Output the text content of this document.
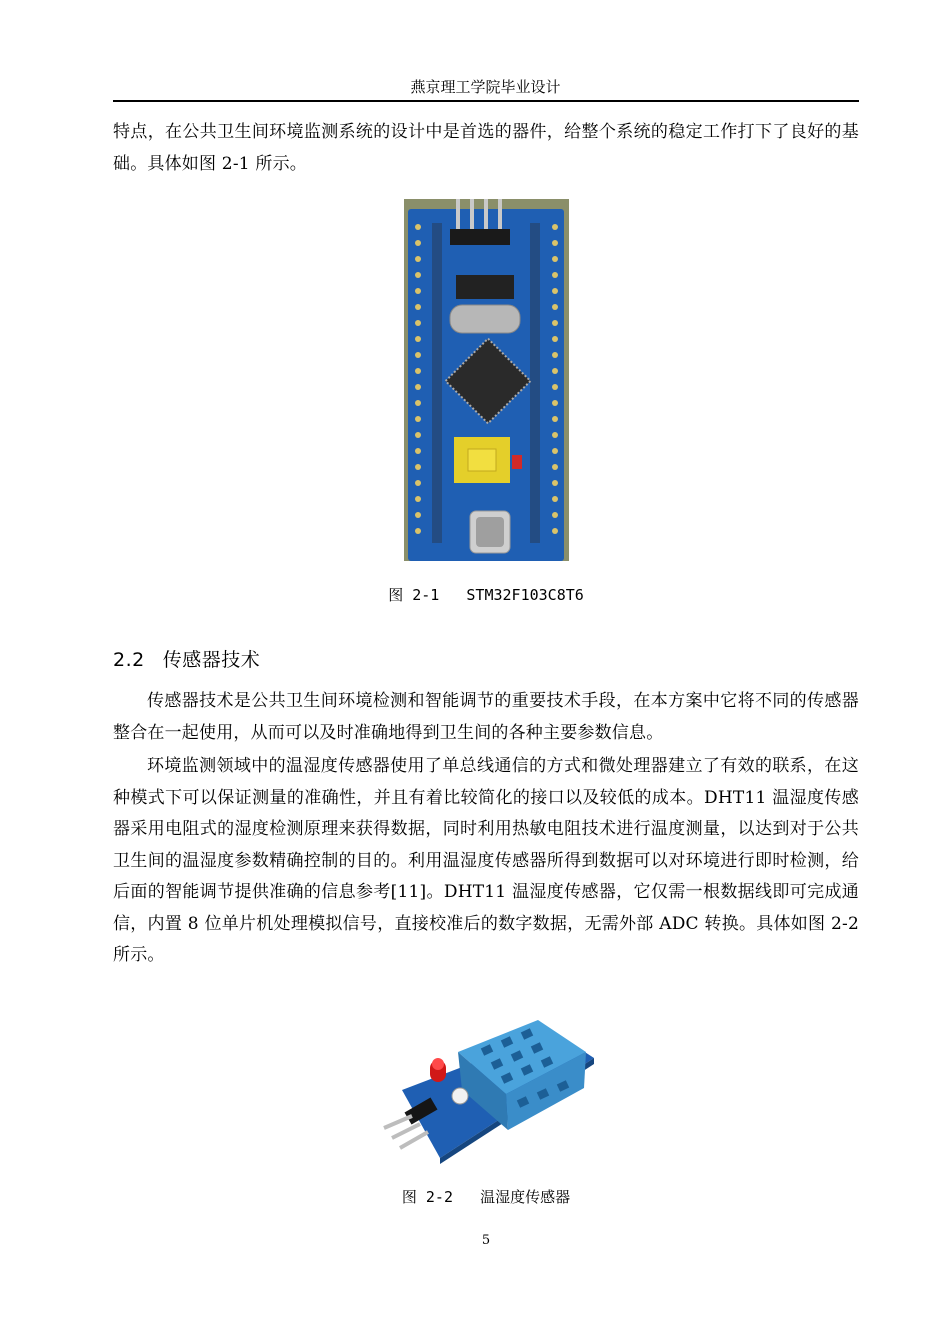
燕京理工学院毕业设计
特点，在公共卫生间环境监测系统的设计中是首选的器件，给整个系统的稳定工作打下了良好的基础。具体如图 2-1 所示。
图 2-1 STM32F103C8T6
2.2 传感器技术
传感器技术是公共卫生间环境检测和智能调节的重要技术手段，在本方案中它将不同的传感器整合在一起使用，从而可以及时准确地得到卫生间的各种主要参数信息。
环境监测领域中的温湿度传感器使用了单总线通信的方式和微处理器建立了有效的联系，在这种模式下可以保证测量的准确性，并且有着比较简化的接口以及较低的成本。DHT11 温湿度传感器采用电阻式的湿度检测原理来获得数据，同时利用热敏电阻技术进行温度测量，以达到对于公共卫生间的温湿度参数精确控制的目的。利用温湿度传感器所得到数据可以对环境进行即时检测，给后面的智能调节提供准确的信息参考[11]。DHT11 温湿度传感器，它仅需一根数据线即可完成通信，内置 8 位单片机处理模拟信号，直接校准后的数字数据，无需外部 ADC 转换。具体如图 2-2 所示。
图 2-2 温湿度传感器
5
